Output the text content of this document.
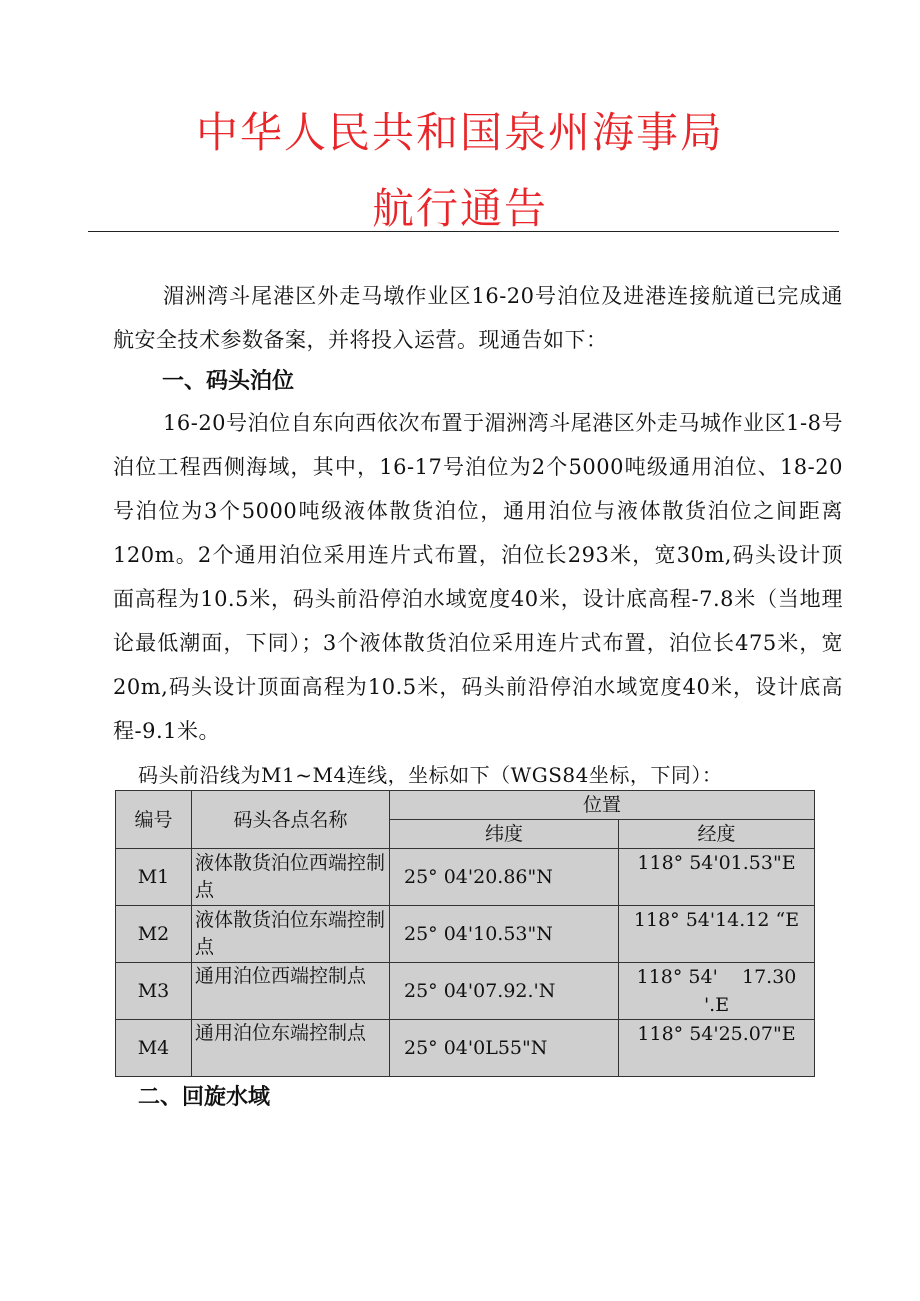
中华人民共和国泉州海事局
航行通告
湄洲湾斗尾港区外走马墩作业区16-20号泊位及进港连接航道已完成通航安全技术参数备案，并将投入运营。现通告如下：
一、码头泊位
16-20号泊位自东向西依次布置于湄洲湾斗尾港区外走马城作业区1-8号泊位工程西侧海域，其中，16-17号泊位为2个5000吨级通用泊位、18-20号泊位为3个5000吨级液体散货泊位，通用泊位与液体散货泊位之间距离120m。2个通用泊位采用连片式布置，泊位长293米，宽30m,码头设计顶面高程为10.5米，码头前沿停泊水域宽度40米，设计底高程-7.8米（当地理论最低潮面，下同）；3个液体散货泊位采用连片式布置，泊位长475米，宽20m,码头设计顶面高程为10.5米，码头前沿停泊水域宽度40米，设计底高程-9.1米。
码头前沿线为M1~M4连线，坐标如下（WGS84坐标，下同）：
编号	码头各点名称	位置	
		纬度	经度
M1	液体散货泊位西端控制点	25° 04'20.86"N	118° 54'01.53"E
M2	液体散货泊位东端控制点	25° 04'10.53"N	118° 54'14.12 “E
M3	通用泊位西端控制点	25° 04'07.92.'N	118° 54'    17.30 '.E
M4	通用泊位东端控制点	25° 04'0L55"N	118° 54'25.07"E
二、回旋水域
